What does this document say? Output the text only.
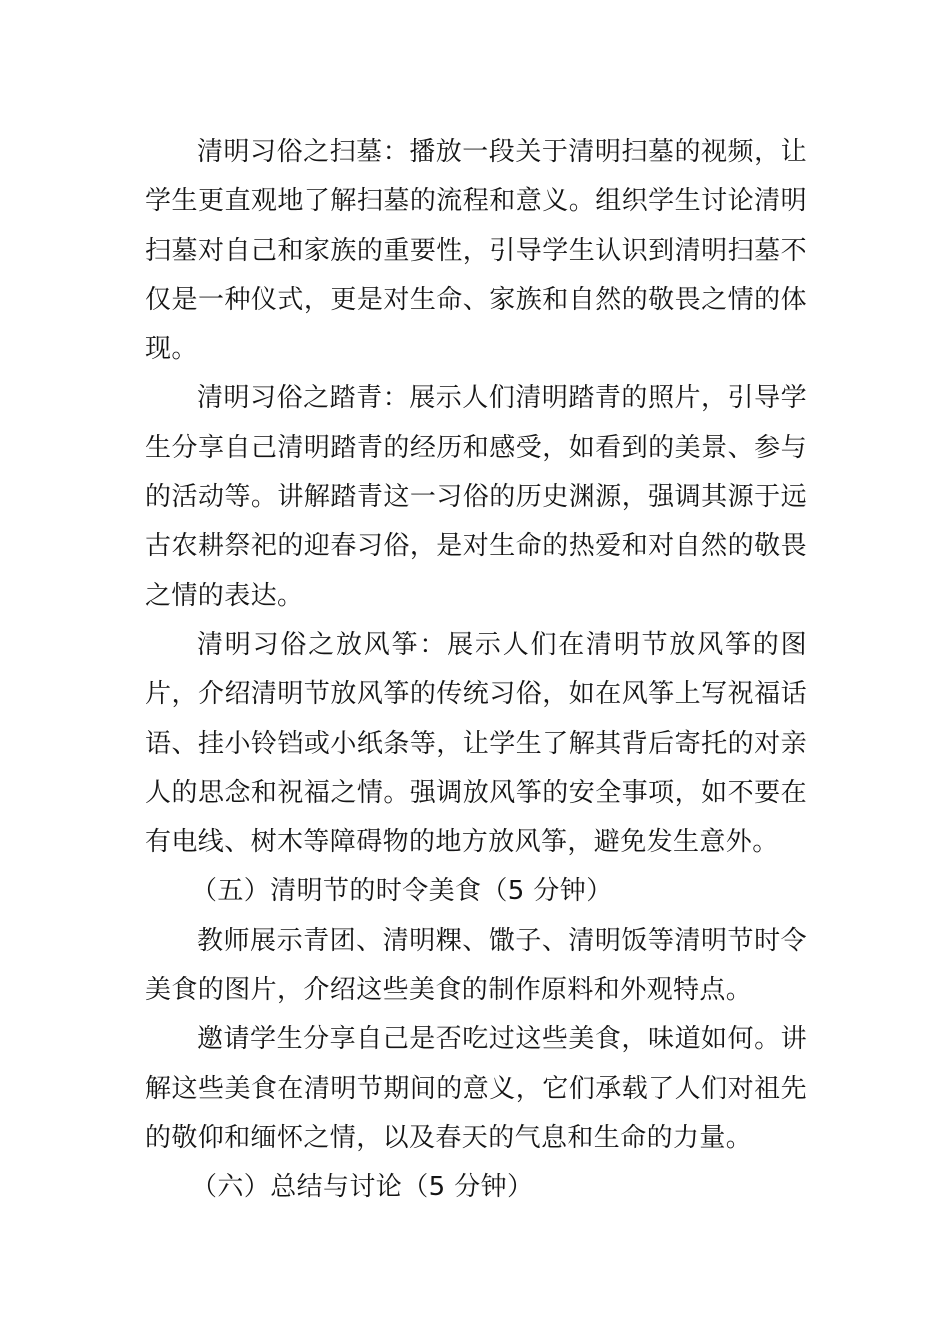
清明习俗之扫墓：播放一段关于清明扫墓的视频，让学生更直观地了解扫墓的流程和意义。组织学生讨论清明扫墓对自己和家族的重要性，引导学生认识到清明扫墓不仅是一种仪式，更是对生命、家族和自然的敬畏之情的体现。

清明习俗之踏青：展示人们清明踏青的照片，引导学生分享自己清明踏青的经历和感受，如看到的美景、参与的活动等。讲解踏青这一习俗的历史渊源，强调其源于远古农耕祭祀的迎春习俗，是对生命的热爱和对自然的敬畏之情的表达。

清明习俗之放风筝：展示人们在清明节放风筝的图片，介绍清明节放风筝的传统习俗，如在风筝上写祝福话语、挂小铃铛或小纸条等，让学生了解其背后寄托的对亲人的思念和祝福之情。强调放风筝的安全事项，如不要在有电线、树木等障碍物的地方放风筝，避免发生意外。

（五）清明节的时令美食（5 分钟）

教师展示青团、清明粿、馓子、清明饭等清明节时令美食的图片，介绍这些美食的制作原料和外观特点。

邀请学生分享自己是否吃过这些美食，味道如何。讲解这些美食在清明节期间的意义，它们承载了人们对祖先的敬仰和缅怀之情，以及春天的气息和生命的力量。

（六）总结与讨论（5 分钟）
